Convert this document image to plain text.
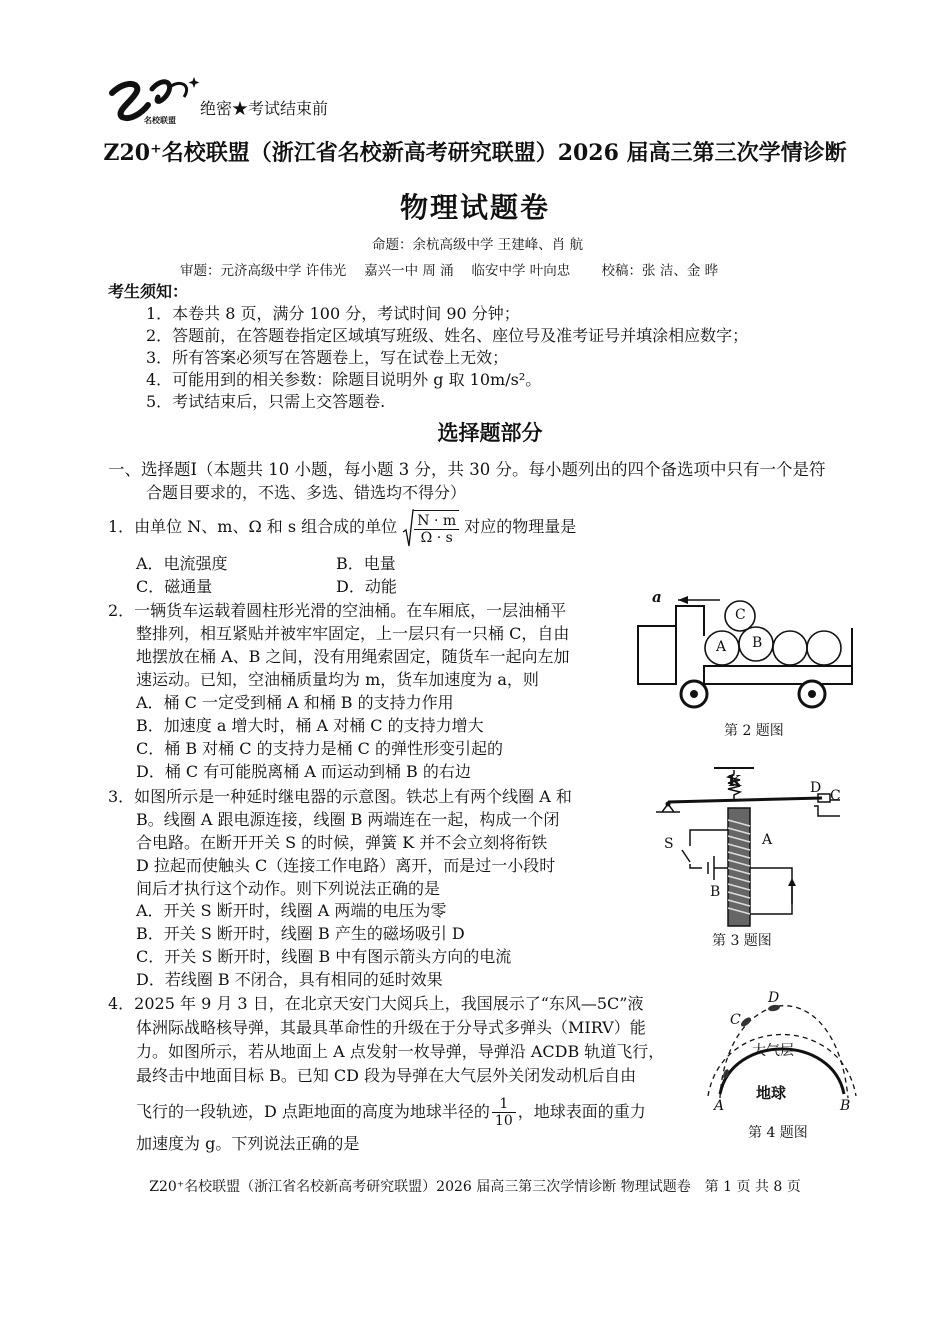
名校联盟
绝密★考试结束前
Z20⁺名校联盟（浙江省名校新高考研究联盟）2026 届高三第三次学情诊断
物理试题卷
命题：余杭高级中学 王建峰、肖 航
审题：元济高级中学 许伟光　 嘉兴一中 周 涌　 临安中学 叶向忠　　 校稿：张 洁、金 晔
考生须知：
1．本卷共 8 页，满分 100 分，考试时间 90 分钟；
2．答题前，在答题卷指定区域填写班级、姓名、座位号及准考证号并填涂相应数字；
3．所有答案必须写在答题卷上，写在试卷上无效；
4．可能用到的相关参数：除题目说明外 g 取 10m/s²。
5．考试结束后，只需上交答题卷.
选择题部分
一、选择题Ⅰ（本题共 10 小题，每小题 3 分，共 30 分。每小题列出的四个备选项中只有一个是符
合题目要求的，不选、多选、错选均不得分）
1．由单位 N、m、Ω 和 s 组合成的单位 $\frac{N \cdot m}{\Omega \cdot s}$ 对应的物理量是
A．电流强度	B．电量
C．磁通量	D．动能
2．一辆货车运载着圆柱形光滑的空油桶。在车厢底，一层油桶平
整排列，相互紧贴并被牢牢固定，上一层只有一只桶 C，自由
地摆放在桶 A、B 之间，没有用绳索固定，随货车一起向左加
速运动。已知，空油桶质量均为 m，货车加速度为 a，则
A．桶 C 一定受到桶 A 和桶 B 的支持力作用
B．加速度 a 增大时，桶 A 对桶 C 的支持力增大
C．桶 B 对桶 C 的支持力是桶 C 的弹性形变引起的
D．桶 C 有可能脱离桶 A 而运动到桶 B 的右边
a
A B
C
第 2 题图
3．如图所示是一种延时继电器的示意图。铁芯上有两个线圈 A 和
B。线圈 A 跟电源连接，线圈 B 两端连在一起，构成一个闭
合电路。在断开开关 S 的时候，弹簧 K 并不会立刻将衔铁
D 拉起而使触头 C（连接工作电路）离开，而是过一小段时
间后才执行这个动作。则下列说法正确的是
A．开关 S 断开时，线圈 A 两端的电压为零
B．开关 S 断开时，线圈 B 产生的磁场吸引 D
C．开关 S 断开时，线圈 B 中有图示箭头方向的电流
D．若线圈 B 不闭合，具有相同的延时效果
K	D C
S	A
B
第 3 题图
4．2025 年 9 月 3 日，在北京天安门大阅兵上，我国展示了“东风—5C”液
体洲际战略核导弹，其最具革命性的升级在于分导式多弹头（MIRV）能
力。如图所示，若从地面上 A 点发射一枚导弹，导弹沿 ACDB 轨道飞行，
最终击中地面目标 B。已知 CD 段为导弹在大气层外关闭发动机后自由
飞行的一段轨迹，D 点距地面的高度为地球半径的 $\frac{1}{10}$ ，地球表面的重力
加速度为 g。下列说法正确的是
D
C
大气层
地球
A	B
第 4 题图
Z20⁺名校联盟（浙江省名校新高考研究联盟）2026 届高三第三次学情诊断 物理试题卷　第 1 页 共 8 页
